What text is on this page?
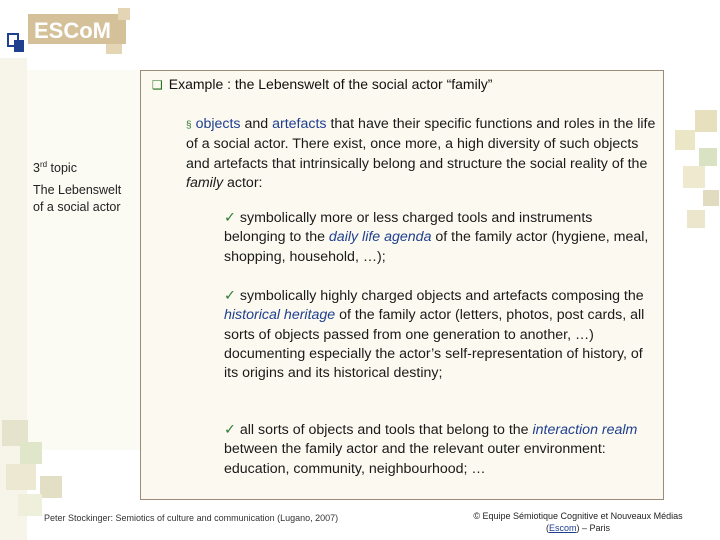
ESCoM
3rd topic
The Lebenswelt of a social actor
❑ Example : the Lebenswelt of the social actor “family”
§ objects and artefacts that have their specific functions and roles in the life of a social actor. There exist, once more, a high diversity of such objects and artefacts that intrinsically belong and structure the social reality of the family actor:
✓ symbolically more or less charged tools and instruments belonging to the daily life agenda of the family actor (hygiene, meal, shopping, household, …);
✓ symbolically highly charged objects and artefacts composing the historical heritage of the family actor (letters, photos, post cards, all sorts of objects passed from one generation to another, …) documenting especially the actor’s self-representation of history, of its origins and its historical destiny;
✓ all sorts of objects and tools that belong to the interaction realm between the family actor and the relevant outer environment: education, community, neighbourhood; …
Peter Stockinger: Semiotics of culture and communication (Lugano, 2007)	© Equipe Sémiotique Cognitive et Nouveaux Médias
(Escom) – Paris
